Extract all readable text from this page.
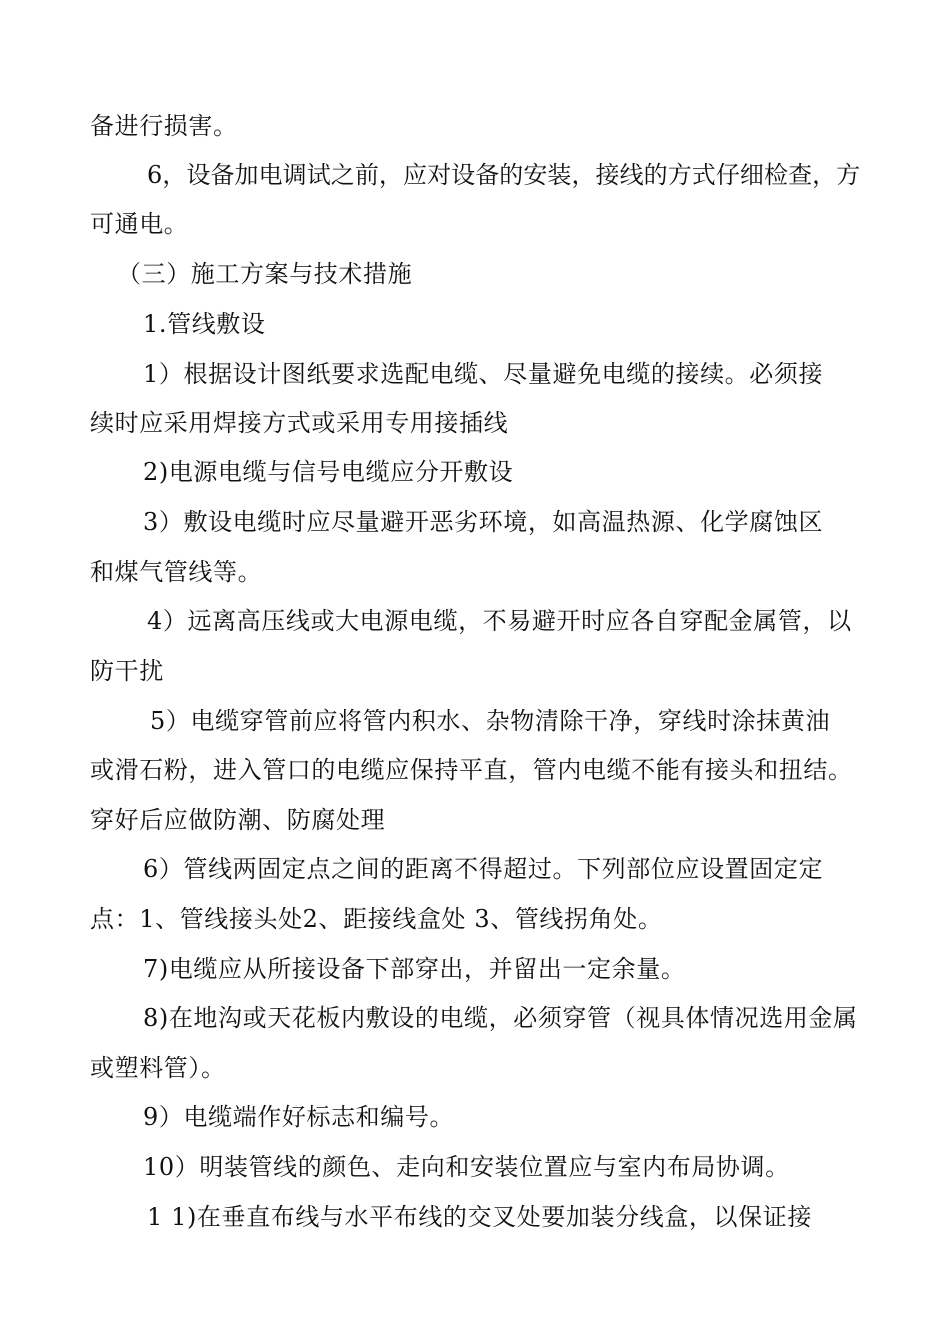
备进行损害。
6，设备加电调试之前，应对设备的安装，接线的方式仔细检查，方
可通电。
（三）施工方案与技术措施
1.管线敷设
1）根据设计图纸要求选配电缆、尽量避免电缆的接续。必须接
续时应采用焊接方式或采用专用接插线
2)电源电缆与信号电缆应分开敷设
3）敷设电缆时应尽量避开恶劣环境，如高温热源、化学腐蚀区
和煤气管线等。
4）远离高压线或大电源电缆，不易避开时应各自穿配金属管，以
防干扰
5）电缆穿管前应将管内积水、杂物清除干净，穿线时涂抹黄油
或滑石粉，进入管口的电缆应保持平直，管内电缆不能有接头和扭结。
穿好后应做防潮、防腐处理
6）管线两固定点之间的距离不得超过。下列部位应设置固定定
点：1、管线接头处2、距接线盒处 3、管线拐角处。
7)电缆应从所接设备下部穿出，并留出一定余量。
8)在地沟或天花板内敷设的电缆，必须穿管（视具体情况选用金属
或塑料管）。
9）电缆端作好标志和编号。
10）明装管线的颜色、走向和安装位置应与室内布局协调。
1 1)在垂直布线与水平布线的交叉处要加装分线盒，以保证接
